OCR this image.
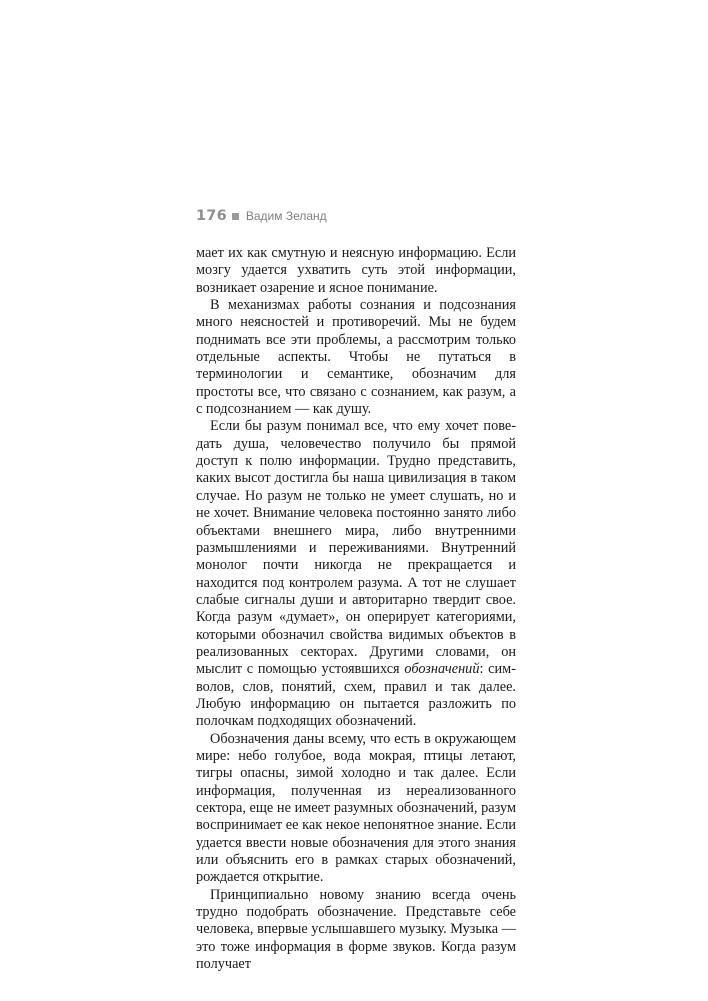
176 Вадим Зеланд

мает их как смутную и неясную информацию. Если мозгу удается ухватить суть этой информации, возникает озарение и ясное понимание.

В механизмах работы сознания и подсознания много неясностей и противоречий. Мы не будем поднимать все эти проблемы, а рассмотрим только отдельные аспекты. Чтобы не путаться в терминологии и семантике, обозначим для простоты все, что связано с сознанием, как разум, а с подсознанием — как душу.

Если бы разум понимал все, что ему хочет поведать душа, человечество получило бы прямой доступ к полю информации. Трудно представить, каких высот достигла бы наша цивилизация в таком случае. Но разум не только не умеет слушать, но и не хочет. Внимание человека постоянно занято либо объектами внешнего мира, либо внутренними размышлениями и переживаниями. Внутренний монолог почти никогда не прекращается и находится под контролем разума. А тот не слушает слабые сигналы души и авторитарно твердит свое. Когда разум «думает», он оперирует категориями, которыми обозначил свойства видимых объектов в реализованных секторах. Другими словами, он мыслит с помощью устоявшихся обозначений: символов, слов, понятий, схем, правил и так далее. Любую информацию он пытается разложить по полочкам подходящих обозначений.

Обозначения даны всему, что есть в окружающем мире: небо голубое, вода мокрая, птицы летают, тигры опасны, зимой холодно и так далее. Если информация, полученная из нереализованного сектора, еще не имеет разумных обозначений, разум воспринимает ее как некое непонятное знание. Если удается ввести новые обозначения для этого знания или объяснить его в рамках старых обозначений, рождается открытие.

Принципиально новому знанию всегда очень трудно подобрать обозначение. Представьте себе человека, впервые услышавшего музыку. Музыка — это тоже информация в форме звуков. Когда разум получает
